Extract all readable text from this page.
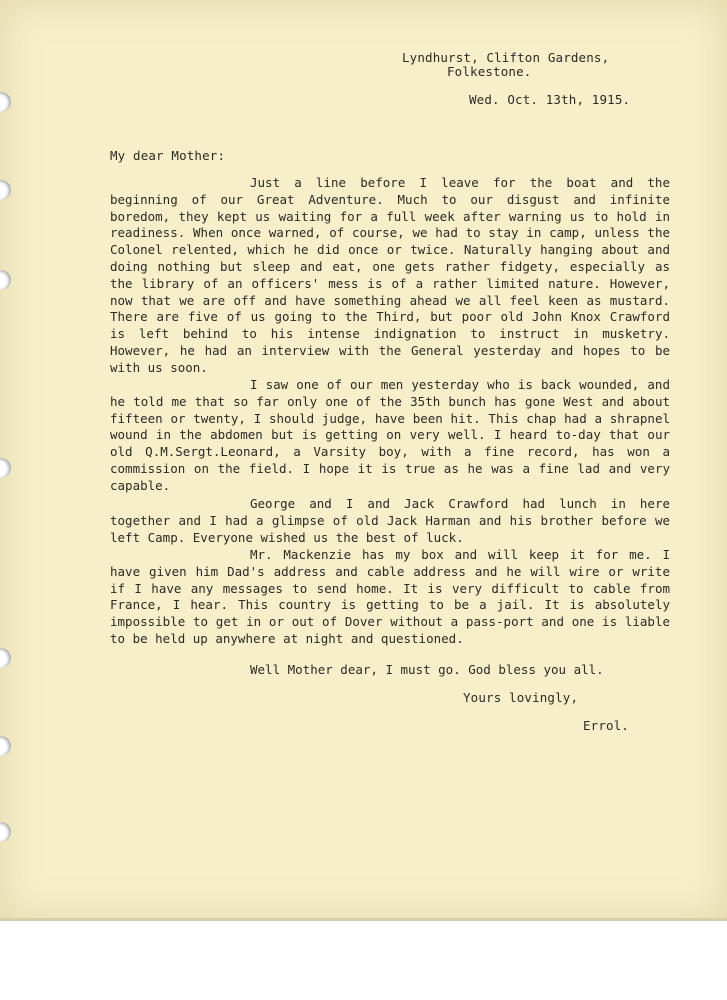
Lyndhurst, Clifton Gardens,
Folkestone.
Wed. Oct. 13th, 1915.
My dear Mother:

Just a line before I leave for the boat and the beginning of our Great Adventure. Much to our disgust and infinite boredom, they kept us waiting for a full week after warning us to hold in readiness. When once warned, of course, we had to stay in camp, unless the Colonel relented, which he did once or twice. Naturally hanging about and doing nothing but sleep and eat, one gets rather fidgety, especially as the library of an officers' mess is of a rather limited nature. However, now that we are off and have something ahead we all feel keen as mustard. There are five of us going to the Third, but poor old John Knox Crawford is left behind to his intense indignation to instruct in musketry. However, he had an interview with the General yesterday and hopes to be with us soon.

I saw one of our men yesterday who is back wounded, and he told me that so far only one of the 35th bunch has gone West and about fifteen or twenty, I should judge, have been hit. This chap had a shrapnel wound in the abdomen but is getting on very well. I heard to-day that our old Q.M.Sergt.Leonard, a Varsity boy, with a fine record, has won a commission on the field. I hope it is true as he was a fine lad and very capable.

George and I and Jack Crawford had lunch in here together and I had a glimpse of old Jack Harman and his brother before we left Camp. Everyone wished us the best of luck.

Mr. Mackenzie has my box and will keep it for me. I have given him Dad's address and cable address and he will wire or write if I have any messages to send home. It is very difficult to cable from France, I hear. This country is getting to be a jail. It is absolutely impossible to get in or out of Dover without a pass-port and one is liable to be held up anywhere at night and questioned.

Well Mother dear, I must go. God bless you all.

Yours lovingly,
Errol.
